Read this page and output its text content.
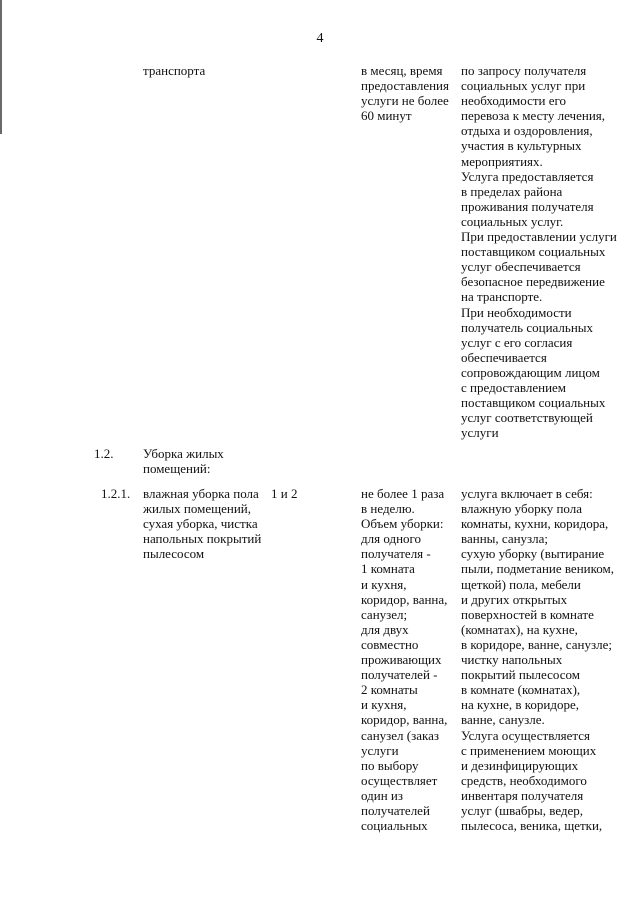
4
транспорта	в месяц, время
предоставления
услуги не более
60 минут
по запросу получателя
социальных услуг при
необходимости его
перевоза к месту лечения,
отдыха и оздоровления,
участия в культурных
мероприятиях.
Услуга предоставляется
в пределах района
проживания получателя
социальных услуг.
При предоставлении услуги
поставщиком социальных
услуг обеспечивается
безопасное передвижение
на транспорте.
При необходимости
получатель социальных
услуг с его согласия
обеспечивается
сопровождающим лицом
с предоставлением
поставщиком социальных
услуг соответствующей
услуги
1.2. Уборка жилых
помещений:
1.2.1. влажная уборка пола
жилых помещений,
сухая уборка, чистка
напольных покрытий
пылесосом
1 и 2	не более 1 раза
в неделю.
Объем уборки:
для одного
получателя -
1 комната
и кухня,
коридор, ванна,
санузел;
для двух
совместно
проживающих
получателей -
2 комнаты
и кухня,
коридор, ванна,
санузел (заказ
услуги
по выбору
осуществляет
один из
получателей
социальных
услуга включает в себя:
влажную уборку пола
комнаты, кухни, коридора,
ванны, санузла;
сухую уборку (вытирание
пыли, подметание веником,
щеткой) пола, мебели
и других открытых
поверхностей в комнате
(комнатах), на кухне,
в коридоре, ванне, санузле;
чистку напольных
покрытий пылесосом
в комнате (комнатах),
на кухне, в коридоре,
ванне, санузле.
Услуга осуществляется
с применением моющих
и дезинфицирующих
средств, необходимого
инвентаря получателя
услуг (швабры, ведер,
пылесоса, веника, щетки,
